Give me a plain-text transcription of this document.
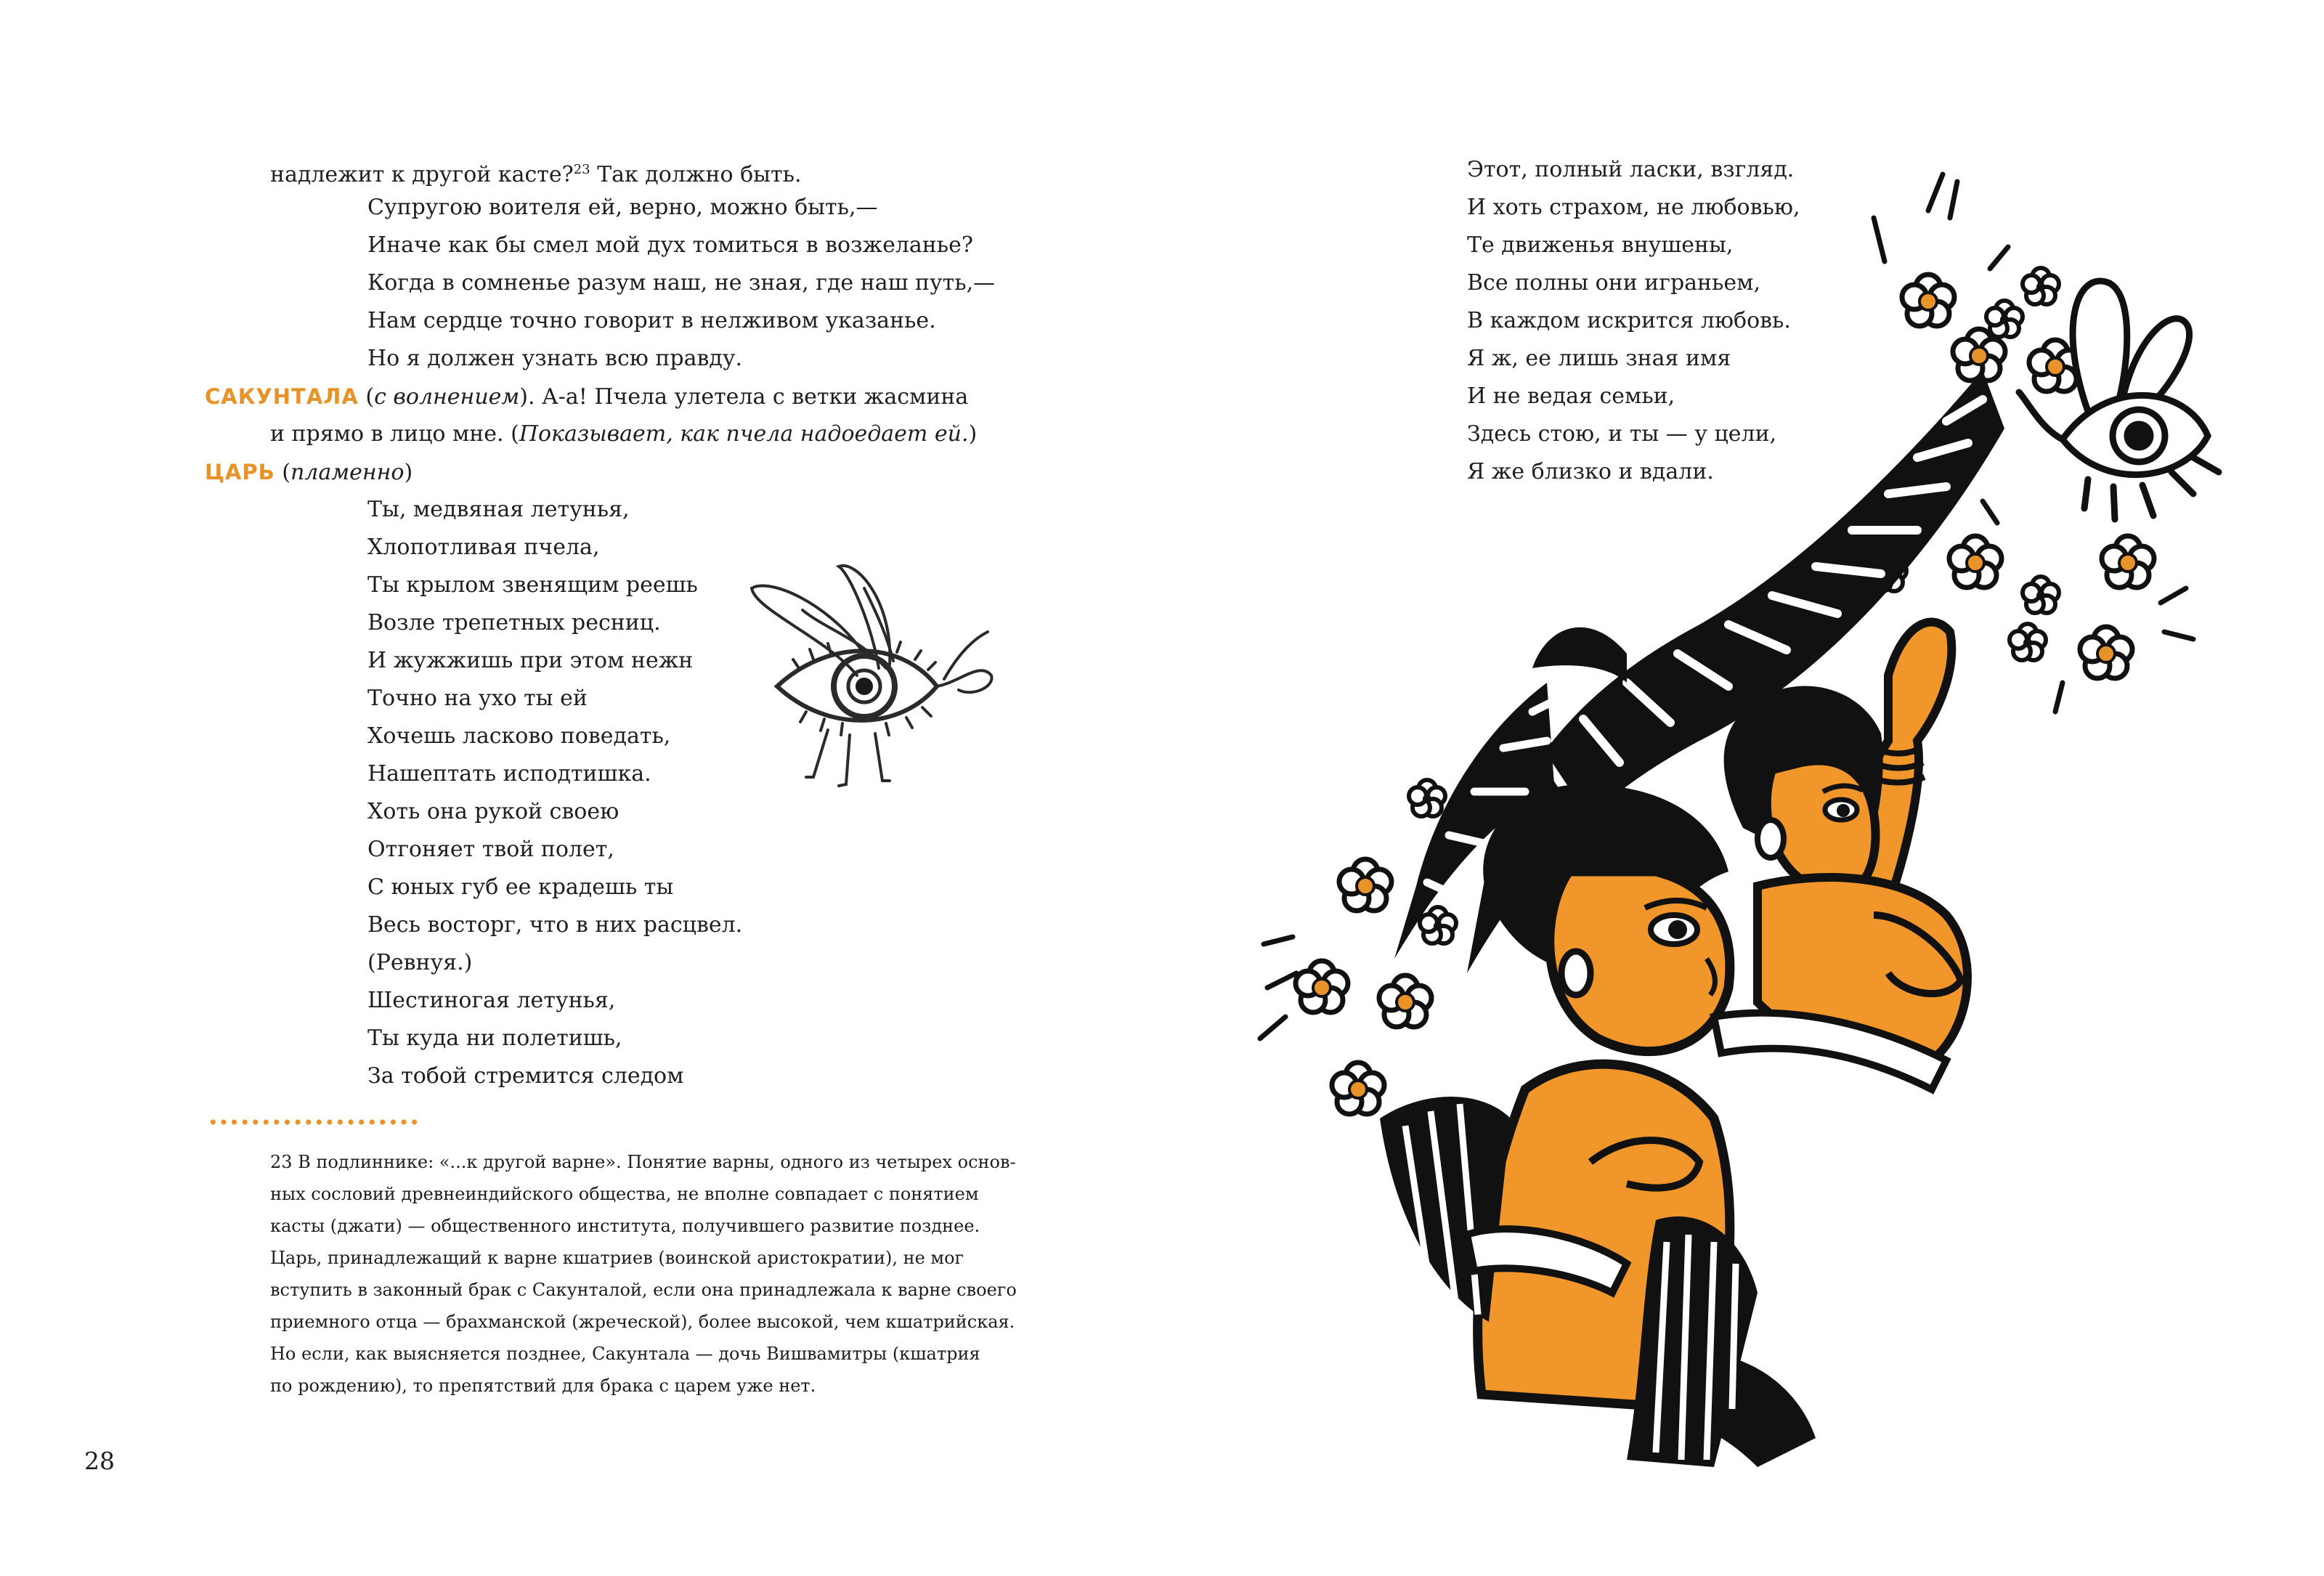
надлежит к другой касте?$^{23}$ Так должно быть.
Супругою воителя ей, верно, можно быть,—
Иначе как бы смел мой дух томиться в возжеланье?
Когда в сомненье разум наш, не зная, где наш путь,—
Нам сердце точно говорит в нелживом указанье.
Но я должен узнать всю правду.
САКУНТАЛА (с волнением). А-а! Пчела улетела с ветки жасмина
и прямо в лицо мне. (Показывает, как пчела надоедает ей.)
ЦАРЬ (пламенно)
Ты, медвяная летунья,
Хлопотливая пчела,
Ты крылом звенящим реешь
Возле трепетных ресниц.
И жужжишь при этом нежн
Точно на ухо ты ей
Хочешь ласково поведать,
Нашептать исподтишка.
Хоть она рукой своею
Отгоняет твой полет,
С юных губ ее крадешь ты
Весь восторг, что в них расцвел.
(Ревнуя.)
Шестиногая летунья,
Ты куда ни полетишь,
За тобой стремится следом
23 В подлиннике: «...к другой варне». Понятие варны, одного из четырех основ-
ных сословий древнеиндийского общества, не вполне совпадает с понятием
касты (джати) — общественного института, получившего развитие позднее.
Царь, принадлежащий к варне кшатриев (воинской аристократии), не мог
вступить в законный брак с Сакунталой, если она принадлежала к варне своего
приемного отца — брахманской (жреческой), более высокой, чем кшатрийская.
Но если, как выясняется позднее, Сакунтала — дочь Вишвамитры (кшатрия
по рождению), то препятствий для брака с царем уже нет.
28
Этот, полный ласки, взгляд.
И хоть страхом, не любовью,
Те движенья внушены,
Все полны они играньем,
В каждом искрится любовь.
Я ж, ее лишь зная имя
И не ведая семьи,
Здесь стою, и ты — у цели,
Я же близко и вдали.
